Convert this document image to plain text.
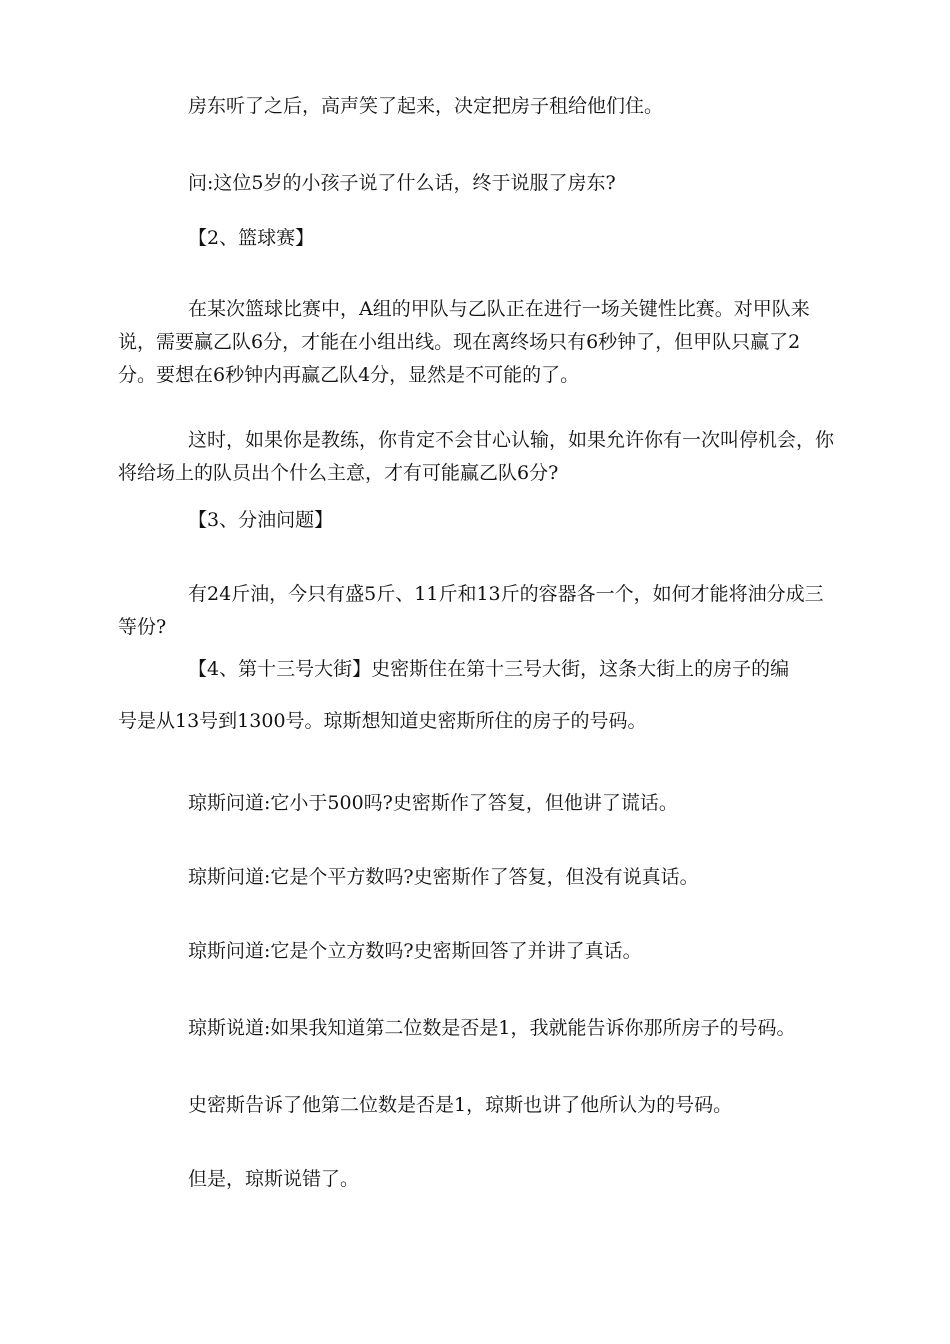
房东听了之后，高声笑了起来，决定把房子租给他们住。

问:这位5岁的小孩子说了什么话，终于说服了房东?

【2、篮球赛】

在某次篮球比赛中，A组的甲队与乙队正在进行一场关键性比赛。对甲队来说，需要赢乙队6分，才能在小组出线。现在离终场只有6秒钟了，但甲队只赢了2分。要想在6秒钟内再赢乙队4分，显然是不可能的了。

这时，如果你是教练，你肯定不会甘心认输，如果允许你有一次叫停机会，你将给场上的队员出个什么主意，才有可能赢乙队6分?

【3、分油问题】

有24斤油，今只有盛5斤、11斤和13斤的容器各一个，如何才能将油分成三等份?

【4、第十三号大街】史密斯住在第十三号大街，这条大街上的房子的编

号是从13号到1300号。琼斯想知道史密斯所住的房子的号码。

琼斯问道:它小于500吗?史密斯作了答复，但他讲了谎话。

琼斯问道:它是个平方数吗?史密斯作了答复，但没有说真话。

琼斯问道:它是个立方数吗?史密斯回答了并讲了真话。

琼斯说道:如果我知道第二位数是否是1，我就能告诉你那所房子的号码。

史密斯告诉了他第二位数是否是1，琼斯也讲了他所认为的号码。

但是，琼斯说错了。
